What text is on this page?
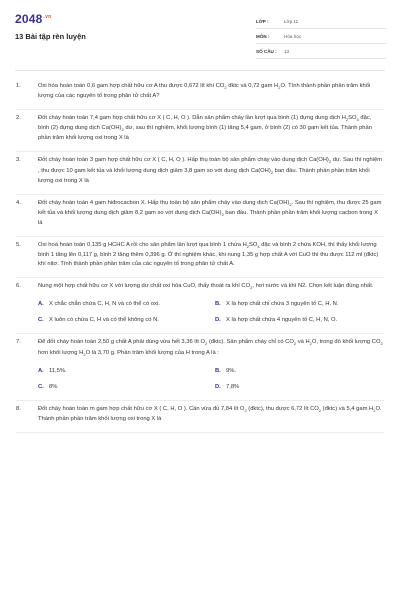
$2048^{.vn}$
13 Bài tập rèn luyện
LỚP :	Lớp 11
MÔN :	Hóa học
SỐ CÂU :	13
1.	Oxi hóa hoàn toàn 0,6 gam hợp chất hữu cơ A thu được 0,672 lít khí $CO_2$ đktc và 0,72 gam $H_2O$. Tính thành phần phần trăm khối lượng của các nguyên tố trong phân tử chất A?
2.	Đốt cháy hoàn toàn 7,4 gam hợp chất hữu cơ X ( C, H, O ). Dẫn sản phẩm cháy lần lượt qua bình (1) đựng dung dịch $H_2SO_4$ đặc, bình (2) đựng dung dịch $Ca(OH)_2$ dư, sau thí nghiệm, khối lượng bình (1) tăng 5,4 gam, ở bình (2) có 30 gam kết tủa. Thành phần phần trăm khối lượng oxi trong X là
3.	Đốt cháy hoàn toàn 3 gam hợp chất hữu cơ X ( C, H, O ). Hấp thụ toàn bộ sản phẩm cháy vào dung dịch $Ca(OH)_2$ dư. Sau thí nghiệm , thu được 10 gam kết tủa và khối lượng dung dịch giảm 3,8 gam so với dung dịch $Ca(OH)_2$ ban đầu. Thành phần phần trăm khối lượng oxi trong X là
4.	Đốt cháy hoàn toàn 4 gam hiđrocacbon X. Hấp thụ toàn bộ sản phẩm cháy vào dung dịch $Ca(OH)_2$. Sau thí nghiệm, thu được 25 gam kết tủa và khối lượng dung dịch giảm 8,2 gam so với dung dịch $Ca(OH)_2$ ban đầu. Thành phần phần trăm khối lượng cacbon trong X là
5.	Oxi hoá hoàn toàn 0,135 g HCHC A rồi cho sản phẩm lần lượt qua bình 1 chứa $H_2SO_4$ đặc và bình 2 chứa KOH, thì thấy khối lượng bình 1 tăng lên 0,117 g, bình 2 tăng thêm 0,396 g. Ở thí nghiệm khác, khi nung 1,35 g hợp chất A với CuO thì thu được 112 ml (đktc) khí nitơ. Tính thành phần phần trăm của các nguyên tố trong phân tử chất A.
6.	Nung một hợp chất hữu cơ X với lượng dư chất oxi hóa CuO, thấy thoát ra khí $CO_2$, hơi nước và khí N2. Chọn kết luận đúng nhất.
A. X chắc chắn chứa C, H, N và có thể có oxi.	B. X là hợp chất chỉ chứa 3 nguyên tố C, H, N.
C. X luôn có chứa C, H và có thể không có N.	D. X là hợp chất chứa 4 nguyên tố C, H, N, O.
7.	Để đốt cháy hoàn toàn 2,50 g chất A phải dùng vừa hết 3,36 lít $O_2$ (đktc). Sản phẩm cháy chỉ có $CO_2$ và $H_2O$, trong đó khối lượng $CO_2$ hơn khối lượng $H_2O$ là 3,70 g. Phần trăm khối lượng của H trong A là :
A. 11,5%.	B. 9%.
C. 8%	D. 7,8%
8.	Đốt cháy hoàn toàn m gam hợp chất hữu cơ X ( C, H, O ). Cần vừa đủ 7,84 lít $O_2$ (đktc), thu được 6,72 lít $CO_2$ (đktc) và 5,4 gam $H_2O$. Thành phần phần trăm khối lượng oxi trong X là
